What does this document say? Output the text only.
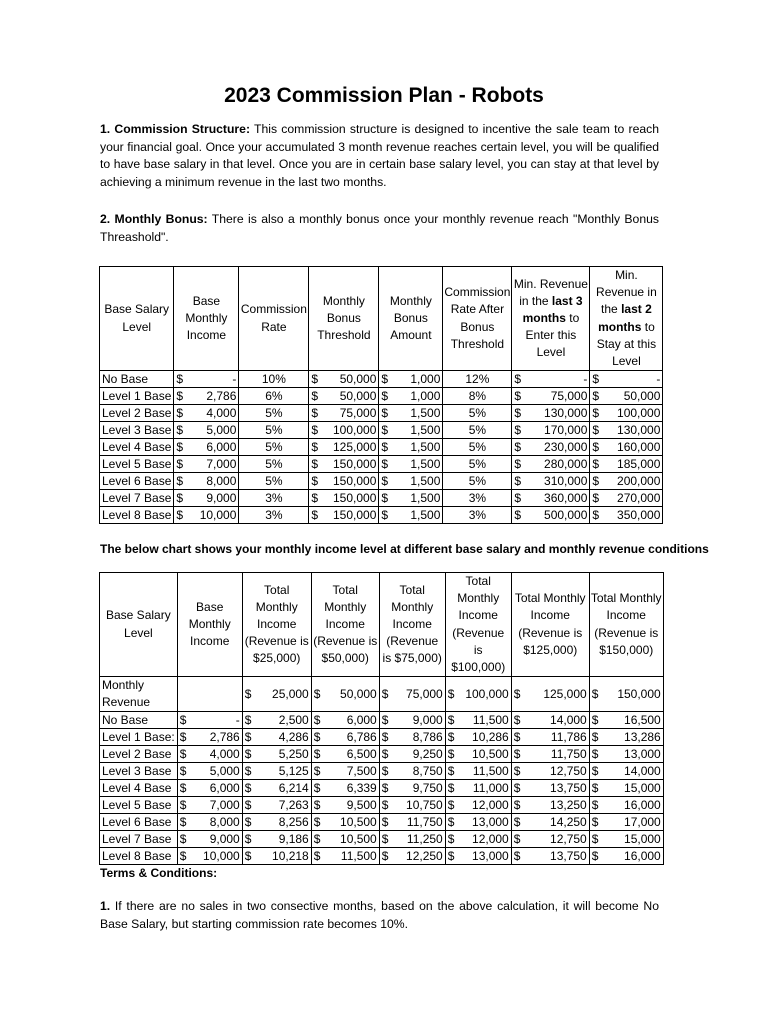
2023 Commission Plan - Robots
1. Commission Structure: This commission structure is designed to incentive the sale team to reach your financial goal. Once your accumulated 3 month revenue reaches certain level, you will be qualified to have base salary in that level. Once you are in certain base salary level, you can stay at that level by achieving a minimum revenue in the last two months.
2. Monthly Bonus: There is also a monthly bonus once your monthly revenue reach "Monthly Bonus Threashold".
Base Salary Level	Base Monthly Income	Commission Rate	Monthly Bonus Threshold	Monthly Bonus Amount	Commission Rate After Bonus Threshold	Min. Revenue in the last 3 months to Enter this Level	Min. Revenue in the last 2 months to Stay at this Level
No Base	$ -	10%	$ 50,000	$ 1,000	12%	$ -	$ -

Level 1 Base	$ 2,786	6%	$ 50,000	$ 1,000	8%	$ 75,000	$ 50,000

Level 2 Base	$ 4,000	5%	$ 75,000	$ 1,500	5%	$ 130,000	$ 100,000

Level 3 Base	$ 5,000	5%	$ 100,000	$ 1,500	5%	$ 170,000	$ 130,000

Level 4 Base	$ 6,000	5%	$ 125,000	$ 1,500	5%	$ 230,000	$ 160,000

Level 5 Base	$ 7,000	5%	$ 150,000	$ 1,500	5%	$ 280,000	$ 185,000

Level 6 Base	$ 8,000	5%	$ 150,000	$ 1,500	5%	$ 310,000	$ 200,000

Level 7 Base	$ 9,000	3%	$ 150,000	$ 1,500	3%	$ 360,000	$ 270,000

Level 8 Base	$ 10,000	3%	$ 150,000	$ 1,500	3%	$ 500,000	$ 350,000
The below chart shows your monthly income level at different base salary and monthly revenue conditions
Base Salary Level	Base Monthly Income	Total Monthly Income (Revenue is $25,000)	Total Monthly Income (Revenue is $50,000)	Total Monthly Income (Revenue is $75,000)	Total Monthly Income (Revenue is $100,000)	Total Monthly Income (Revenue is $125,000)	Total Monthly Income (Revenue is $150,000)
Monthly Revenue		$ 25,000	$ 50,000	$ 75,000	$ 100,000	$ 125,000	$ 150,000

No Base	$ -	$ 2,500	$ 6,000	$ 9,000	$ 11,500	$ 14,000	$ 16,500

Level 1 Base:	$ 2,786	$ 4,286	$ 6,786	$ 8,786	$ 10,286	$ 11,786	$ 13,286

Level 2 Base	$ 4,000	$ 5,250	$ 6,500	$ 9,250	$ 10,500	$ 11,750	$ 13,000

Level 3 Base	$ 5,000	$ 5,125	$ 7,500	$ 8,750	$ 11,500	$ 12,750	$ 14,000

Level 4 Base	$ 6,000	$ 6,214	$ 6,339	$ 9,750	$ 11,000	$ 13,750	$ 15,000

Level 5 Base	$ 7,000	$ 7,263	$ 9,500	$ 10,750	$ 12,000	$ 13,250	$ 16,000

Level 6 Base	$ 8,000	$ 8,256	$ 10,500	$ 11,750	$ 13,000	$ 14,250	$ 17,000

Level 7 Base	$ 9,000	$ 9,186	$ 10,500	$ 11,250	$ 12,000	$ 12,750	$ 15,000

Level 8 Base	$ 10,000	$ 10,218	$ 11,500	$ 12,250	$ 13,000	$ 13,750	$ 16,000
Terms & Conditions:
1. If there are no sales in two consective months, based on the above calculation, it will become No Base Salary, but starting commission rate becomes 10%.
